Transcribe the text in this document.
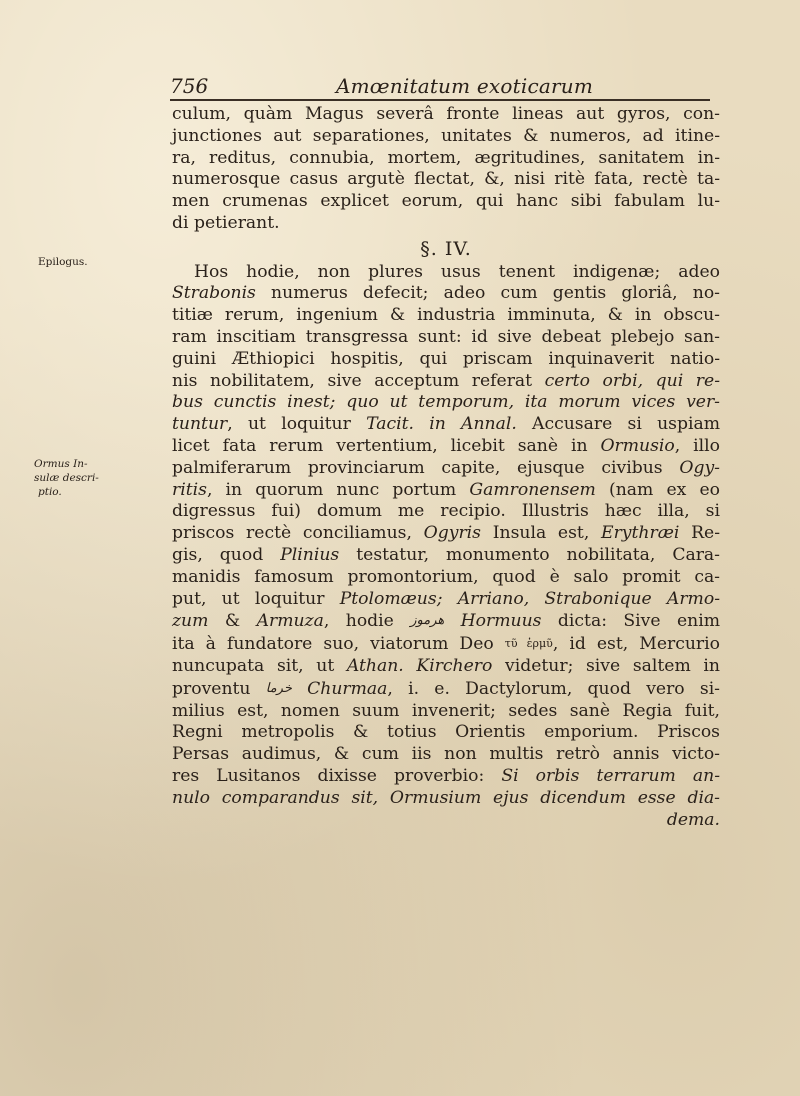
756	Amœnitatum exoticarum
Epilogus.
Ormus In-
sulæ descri-
ptio.
culum, quàm Magus severâ fronte lineas aut gyros, con-
junctiones aut separationes, unitates & numeros, ad itine-
ra, reditus, connubia, mortem, ægritudines, sanitatem in-
numerosque casus argutè flectat, &, nisi ritè fata, rectè ta-
men crumenas explicet eorum, qui hanc sibi fabulam lu-
di petierant.
§. IV.
Hos hodie, non plures usus tenent indigenæ; adeo
Strabonis numerus defecit; adeo cum gentis gloriâ, no-
titiæ rerum, ingenium & industria imminuta, & in obscu-
ram inscitiam transgressa sunt: id sive debeat plebejo san-
guini Æthiopici hospitis, qui priscam inquinaverit natio-
nis nobilitatem, sive acceptum referat certo orbi, qui re-
bus cunctis inest; quo ut temporum, ita morum vices ver-
tuntur, ut loquitur Tacit. in Annal. Accusare si uspiam
licet fata rerum vertentium, licebit sanè in Ormusio, illo
palmiferarum provinciarum capite, ejusque civibus Ogy-
ritis, in quorum nunc portum Gamronensem (nam ex eo
digressus fui) domum me recipio. Illustris hæc illa, si
priscos rectè conciliamus, Ogyris Insula est, Erythræi Re-
gis, quod Plinius testatur, monumento nobilitata, Cara-
manidis famosum promontorium, quod è salo promit ca-
put, ut loquitur Ptolomæus; Arriano, Strabonique Armo-
zum & Armuza, hodie هرموز Hormuus dicta: Sive enim
ita à fundatore suo, viatorum Deo τῦ ἑρμῦ, id est, Mercurio
nuncupata sit, ut Athan. Kirchero videtur; sive saltem in
proventu خرما Churmaa, i. e. Dactylorum, quod vero si-
milius est, nomen suum invenerit; sedes sanè Regia fuit,
Regni metropolis & totius Orientis emporium. Priscos
Persas audimus, & cum iis non multis retrò annis victo-
res Lusitanos dixisse proverbio: Si orbis terrarum an-
nulo comparandus sit, Ormusium ejus dicendum esse dia-
dema.
